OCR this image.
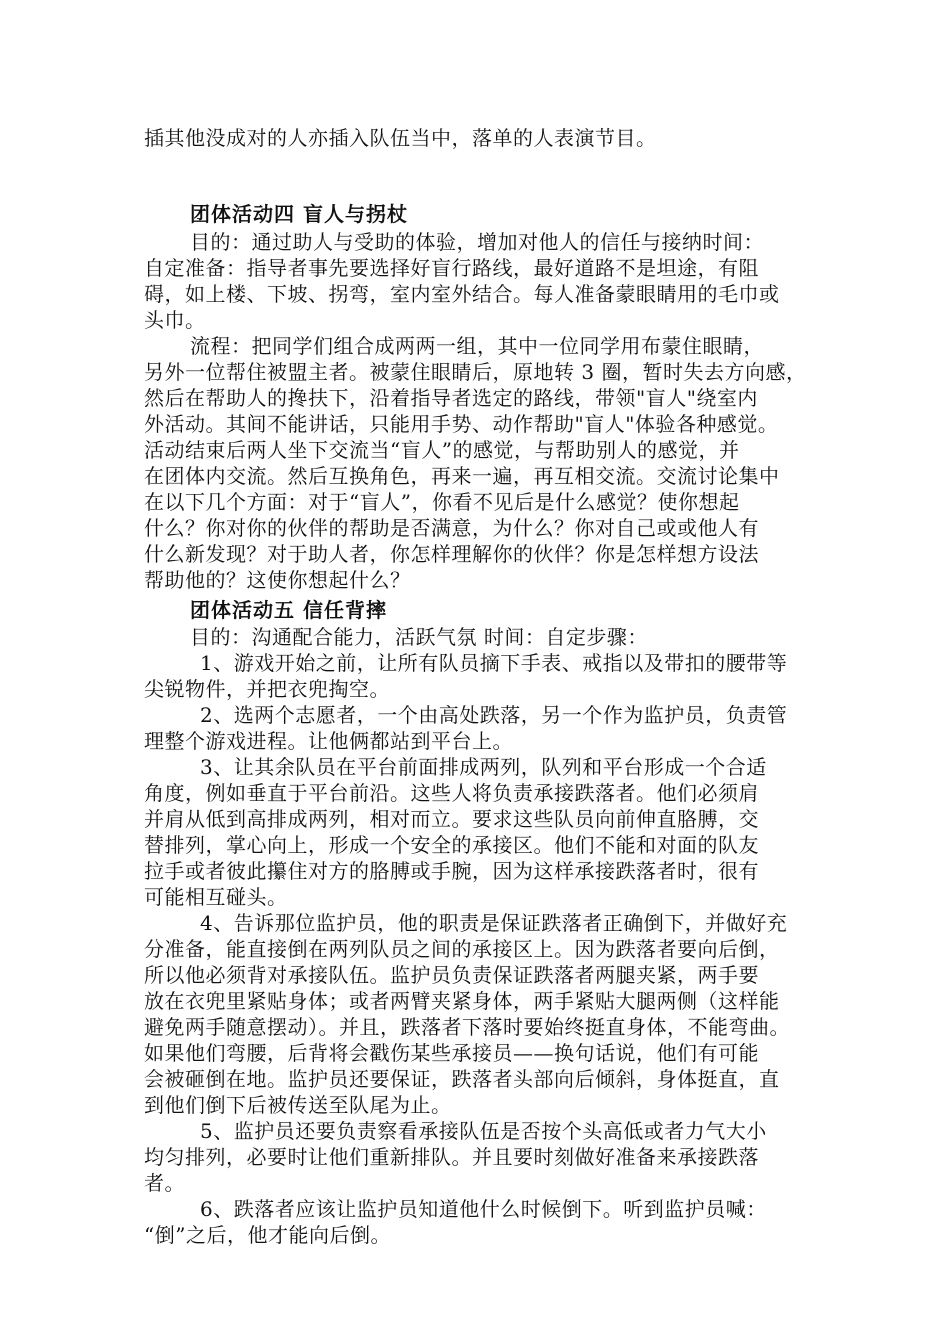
插其他没成对的人亦插入队伍当中，落单的人表演节目。
团体活动四 盲人与拐杖
目的：通过助人与受助的体验，增加对他人的信任与接纳时间：
自定准备：指导者事先要选择好盲行路线，最好道路不是坦途，有阻
碍，如上楼、下坡、拐弯，室内室外结合。每人准备蒙眼睛用的毛巾或
头巾。
流程：把同学们组合成两两一组，其中一位同学用布蒙住眼睛，
另外一位帮住被盟主者。被蒙住眼睛后，原地转 3 圈，暂时失去方向感，
然后在帮助人的搀扶下，沿着指导者选定的路线，带领"盲人"绕室内
外活动。其间不能讲话，只能用手势、动作帮助"盲人"体验各种感觉。
活动结束后两人坐下交流当“盲人”的感觉，与帮助别人的感觉，并
在团体内交流。然后互换角色，再来一遍，再互相交流。交流讨论集中
在以下几个方面：对于“盲人”，你看不见后是什么感觉？使你想起
什么？你对你的伙伴的帮助是否满意，为什么？你对自己或或他人有
什么新发现？对于助人者，你怎样理解你的伙伴？你是怎样想方设法
帮助他的？这使你想起什么？
团体活动五 信任背摔
目的：沟通配合能力，活跃气氛 时间：自定步骤：
1、游戏开始之前，让所有队员摘下手表、戒指以及带扣的腰带等
尖锐物件，并把衣兜掏空。
2、选两个志愿者，一个由高处跌落，另一个作为监护员，负责管
理整个游戏进程。让他俩都站到平台上。
3、让其余队员在平台前面排成两列，队列和平台形成一个合适
角度，例如垂直于平台前沿。这些人将负责承接跌落者。他们必须肩
并肩从低到高排成两列，相对而立。要求这些队员向前伸直胳膊，交
替排列，掌心向上，形成一个安全的承接区。他们不能和对面的队友
拉手或者彼此攥住对方的胳膊或手腕，因为这样承接跌落者时，很有
可能相互碰头。
4、告诉那位监护员，他的职责是保证跌落者正确倒下，并做好充
分准备，能直接倒在两列队员之间的承接区上。因为跌落者要向后倒，
所以他必须背对承接队伍。监护员负责保证跌落者两腿夹紧，两手要
放在衣兜里紧贴身体；或者两臂夹紧身体，两手紧贴大腿两侧（这样能
避免两手随意摆动）。并且，跌落者下落时要始终挺直身体，不能弯曲。
如果他们弯腰，后背将会戳伤某些承接员——换句话说，他们有可能
会被砸倒在地。监护员还要保证，跌落者头部向后倾斜，身体挺直，直
到他们倒下后被传送至队尾为止。
5、监护员还要负责察看承接队伍是否按个头高低或者力气大小
均匀排列，必要时让他们重新排队。并且要时刻做好准备来承接跌落
者。
6、跌落者应该让监护员知道他什么时候倒下。听到监护员喊：
“倒”之后，他才能向后倒。
